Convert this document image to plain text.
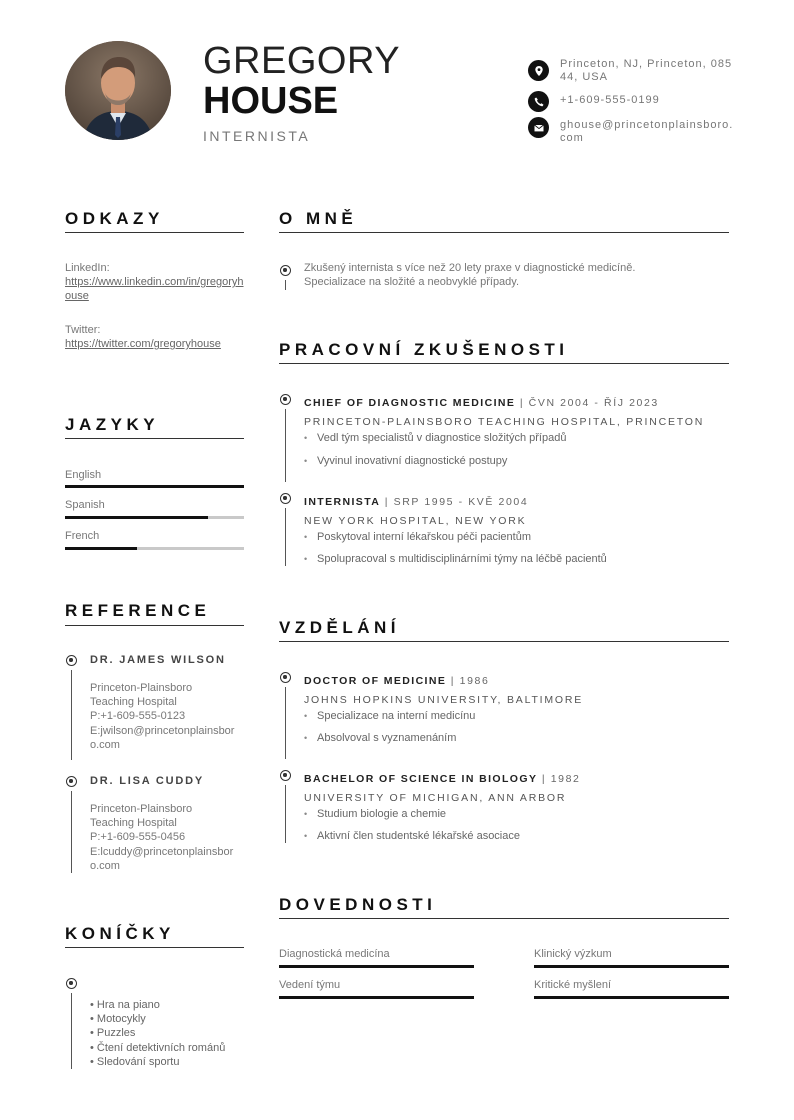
GREGORY
HOUSE
INTERNISTA
Princeton, NJ, Princeton, 08544, USA
+1-609-555-0199
ghouse@princetonplainsboro.com
ODKAZY
LinkedIn:
https://www.linkedin.com/in/gregoryhouse
Twitter:
https://twitter.com/gregoryhouse
JAZYKY
English
Spanish
French
REFERENCE
DR. JAMES WILSON
Princeton-Plainsboro
Teaching Hospital
P:+1-609-555-0123
E:jwilson@princetonplainsboro.com
DR. LISA CUDDY
Princeton-Plainsboro
Teaching Hospital
P:+1-609-555-0456
E:lcuddy@princetonplainsboro.com
KONÍČKY
• Hra na piano
• Motocykly
• Puzzles
• Čtení detektivních románů
• Sledování sportu
O MNĚ
Zkušený internista s více než 20 lety praxe v diagnostické medicíně.
Specializace na složité a neobvyklé případy.
PRACOVNÍ ZKUŠENOSTI
CHIEF OF DIAGNOSTIC MEDICINE | ČVN 2004 - ŘÍJ 2023
PRINCETON-PLAINSBORO TEACHING HOSPITAL, PRINCETON
• Vedl tým specialistů v diagnostice složitých případů
• Vyvinul inovativní diagnostické postupy
INTERNISTA | SRP 1995 - KVĚ 2004
NEW YORK HOSPITAL, NEW YORK
• Poskytoval interní lékařskou péči pacientům
• Spolupracoval s multidisciplinárními týmy na léčbě pacientů
VZDĚLÁNÍ
DOCTOR OF MEDICINE | 1986
JOHNS HOPKINS UNIVERSITY, BALTIMORE
• Specializace na interní medicínu
• Absolvoval s vyznamenáním
BACHELOR OF SCIENCE IN BIOLOGY | 1982
UNIVERSITY OF MICHIGAN, ANN ARBOR
• Studium biologie a chemie
• Aktivní člen studentské lékařské asociace
DOVEDNOSTI
Diagnostická medicína	Klinický výzkum
Vedení týmu	Kritické myšlení
